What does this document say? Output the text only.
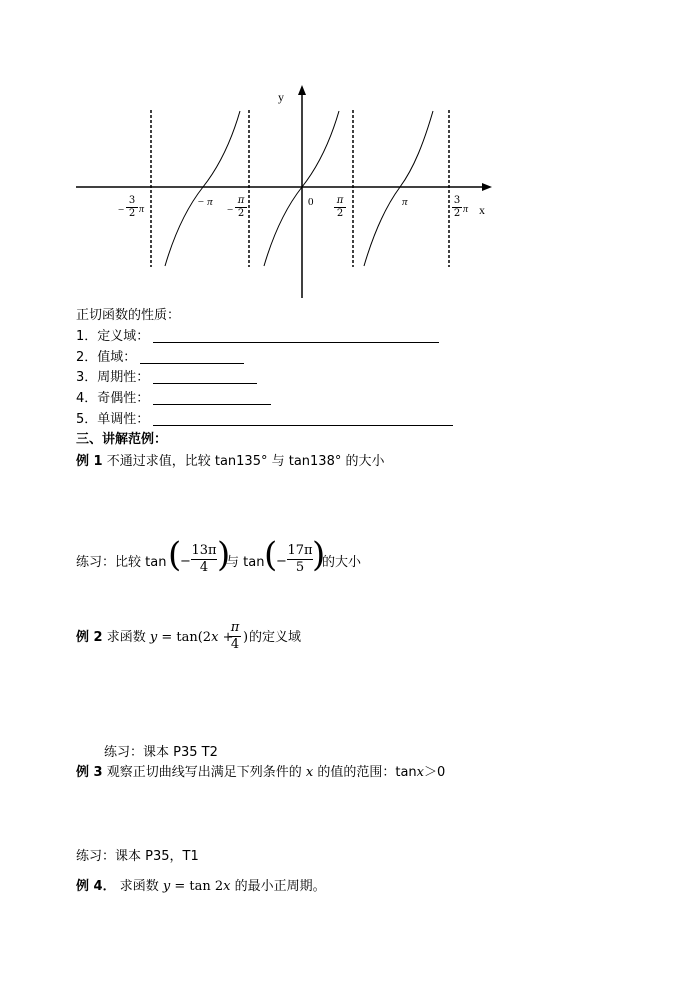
y
x
0
−
3
2 π
− π
−
π
2
π
2
π	3
2 π
正切函数的性质：
1．定义域：
2．值域：
3．周期性：
4．奇偶性：
5．单调性：
三、讲解范例：
例 1 不通过求值，比较 tan135° 与 tan138° 的大小
练习：比较 tan (
−
13π
4 )
与 tan (
−
17π
5 )
的大小
例 2 求函数 y = tan(2x +
π
4 ) 的定义域
练习：课本 P35 T2
例 3 观察正切曲线写出满足下列条件的 x 的值的范围：tanx＞0
练习：课本 P35，T1
例 4． 求函数 y = tan 2x 的最小正周期。
